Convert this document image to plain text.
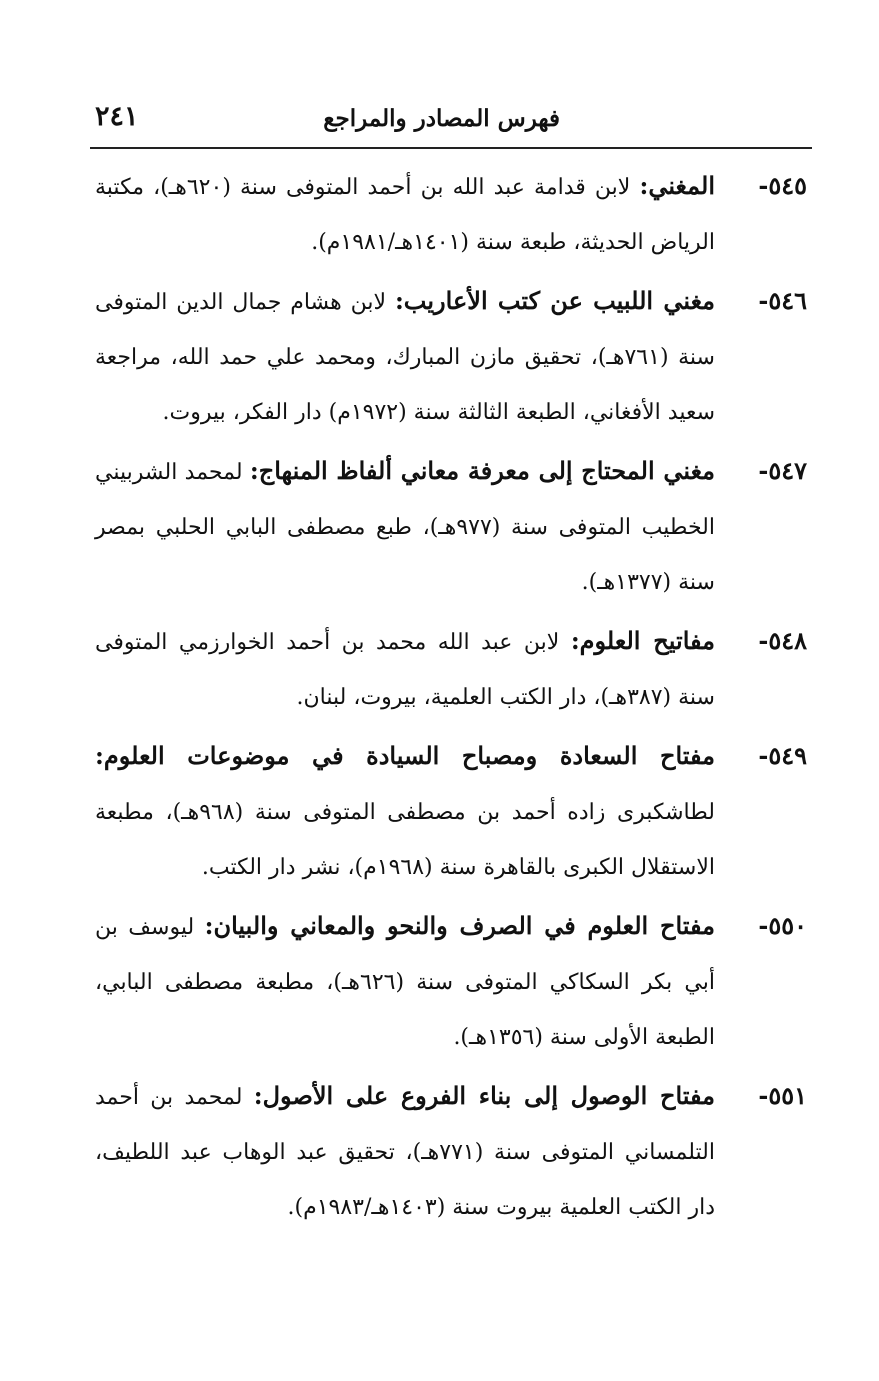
فهرس المصادر والمراجع
٢٤١
٥٤٥-
المغني: لابن قدامة عبد الله بن أحمد المتوفى سنة (٦٢٠هـ)، مكتبة الرياض الحديثة، طبعة سنة (١٤٠١هـ/١٩٨١م).
٥٤٦-
مغني اللبيب عن كتب الأعاريب: لابن هشام جمال الدين المتوفى سنة (٧٦١هـ)، تحقيق مازن المبارك، ومحمد علي حمد الله، مراجعة سعيد الأفغاني، الطبعة الثالثة سنة (١٩٧٢م) دار الفكر، بيروت.
٥٤٧-
مغني المحتاج إلى معرفة معاني ألفاظ المنهاج: لمحمد الشربيني الخطيب المتوفى سنة (٩٧٧هـ)، طبع مصطفى البابي الحلبي بمصر سنة (١٣٧٧هـ).
٥٤٨-
مفاتيح العلوم: لابن عبد الله محمد بن أحمد الخوارزمي المتوفى سنة (٣٨٧هـ)، دار الكتب العلمية، بيروت، لبنان.
٥٤٩-
مفتاح السعادة ومصباح السيادة في موضوعات العلوم: لطاشكبرى زاده أحمد بن مصطفى المتوفى سنة (٩٦٨هـ)، مطبعة الاستقلال الكبرى بالقاهرة سنة (١٩٦٨م)، نشر دار الكتب.
٥٥٠-
مفتاح العلوم في الصرف والنحو والمعاني والبيان: ليوسف بن أبي بكر السكاكي المتوفى سنة (٦٢٦هـ)، مطبعة مصطفى البابي، الطبعة الأولى سنة (١٣٥٦هـ).
٥٥١-
مفتاح الوصول إلى بناء الفروع على الأصول: لمحمد بن أحمد التلمساني المتوفى سنة (٧٧١هـ)، تحقيق عبد الوهاب عبد اللطيف، دار الكتب العلمية بيروت سنة (١٤٠٣هـ/١٩٨٣م).
